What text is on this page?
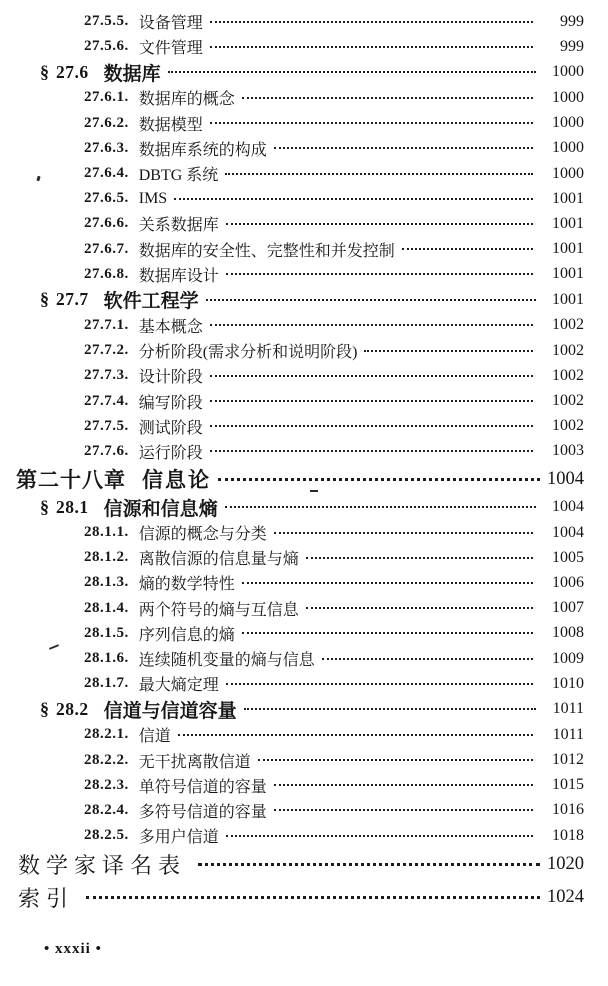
27.5.5. 设备管理	999
27.5.6. 文件管理	999
§ 27.6 数据库	1000
27.6.1. 数据库的概念	1000
27.6.2. 数据模型	1000
27.6.3. 数据库系统的构成	1000
27.6.4. DBTG 系统	1000
27.6.5. IMS	1001
27.6.6. 关系数据库	1001
27.6.7. 数据库的安全性、完整性和并发控制	1001
27.6.8. 数据库设计	1001
§ 27.7 软件工程学	1001
27.7.1. 基本概念	1002
27.7.2. 分析阶段(需求分析和说明阶段)	1002
27.7.3. 设计阶段	1002
27.7.4. 编写阶段	1002
27.7.5. 测试阶段	1002
27.7.6. 运行阶段	1003
第二十八章 信息论	1004
§ 28.1 信源和信息熵	1004
28.1.1. 信源的概念与分类	1004
28.1.2. 离散信源的信息量与熵	1005
28.1.3. 熵的数学特性	1006
28.1.4. 两个符号的熵与互信息	1007
28.1.5. 序列信息的熵	1008
28.1.6. 连续随机变量的熵与信息	1009
28.1.7. 最大熵定理	1010
§ 28.2 信道与信道容量	1011
28.2.1. 信道	1011
28.2.2. 无干扰离散信道	1012
28.2.3. 单符号信道的容量	1015
28.2.4. 多符号信道的容量	1016
28.2.5. 多用户信道	1018
数学家译名表	1020
索引	1024
• xxxii •
